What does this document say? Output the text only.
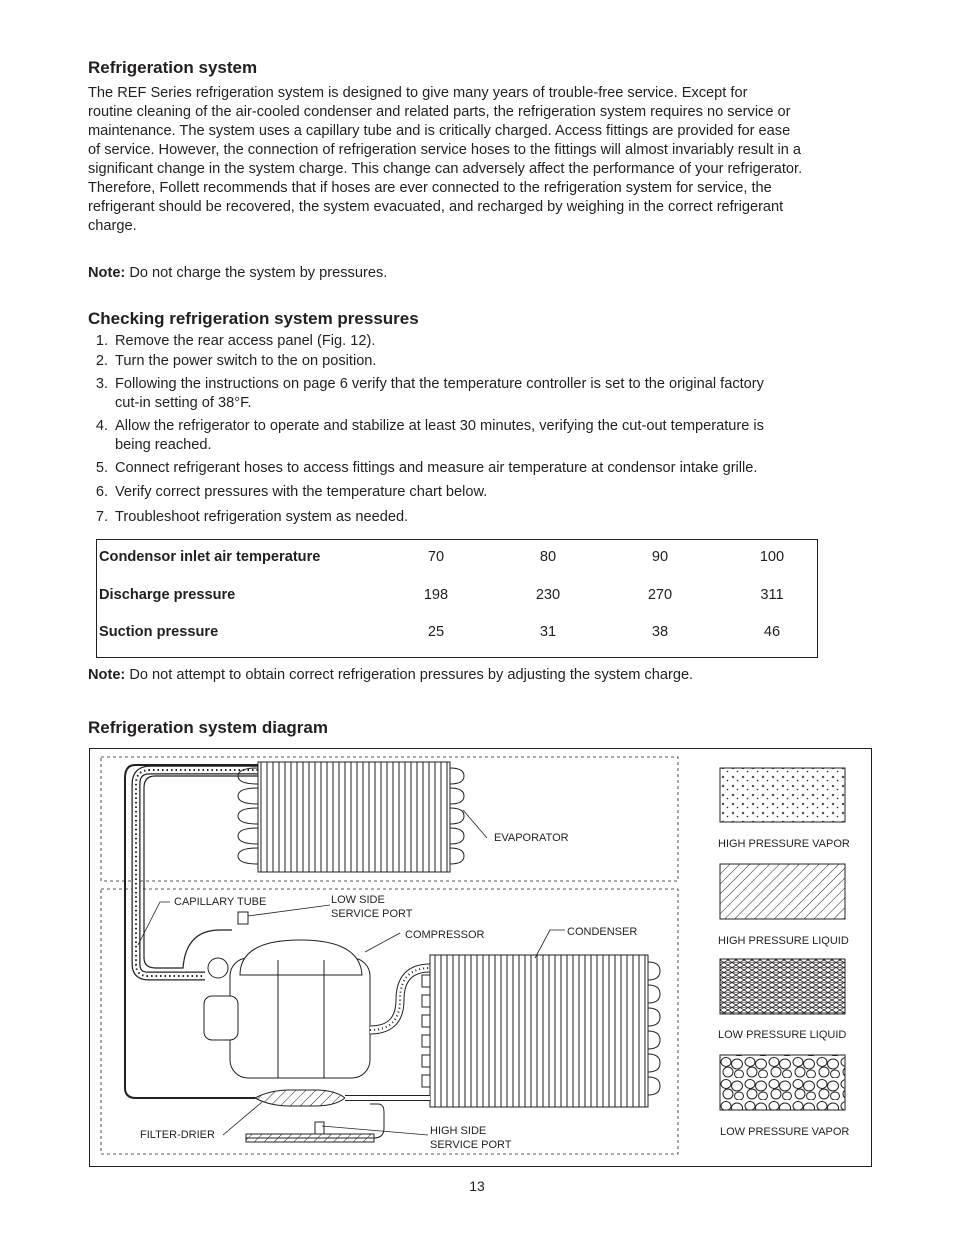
Refrigeration system
The REF Series refrigeration system is designed to give many years of trouble-free service. Except for
routine cleaning of the air-cooled condenser and related parts, the refrigeration system requires no service or
maintenance. The system uses a capillary tube and is critically charged. Access fittings are provided for ease
of service. However, the connection of refrigeration service hoses to the fittings will almost invariably result in a
significant change in the system charge. This change can adversely affect the performance of your refrigerator.
Therefore, Follett recommends that if hoses are ever connected to the refrigeration system for service, the
refrigerant should be recovered, the system evacuated, and recharged by weighing in the correct refrigerant
charge.

Note: Do not charge the system by pressures.

Checking refrigeration system pressures
1. Remove the rear access panel (Fig. 12).
2. Turn the power switch to the on position.
3. Following the instructions on page 6 verify that the temperature controller is set to the original factory
cut-in setting of 38°F.
4. Allow the refrigerator to operate and stabilize at least 30 minutes, verifying the cut-out temperature is
being reached.
5. Connect refrigerant hoses to access fittings and measure air temperature at condensor intake grille.
6. Verify correct pressures with the temperature chart below.
7. Troubleshoot refrigeration system as needed.
Condensor inlet air temperature	70	80	90	100
Discharge pressure	198	230	270	311
Suction pressure	25	31	38	46

Note: Do not attempt to obtain correct refrigeration pressures by adjusting the system charge.

Refrigeration system diagram
EVAPORATOR
CAPILLARY TUBE	LOW SIDE
SERVICE PORT
COMPRESSOR	CONDENSER
FILTER-DRIER	HIGH SIDE
SERVICE PORT
HIGH PRESSURE VAPOR
HIGH PRESSURE LIQUID
LOW PRESSURE LIQUID
LOW PRESSURE VAPOR
13
